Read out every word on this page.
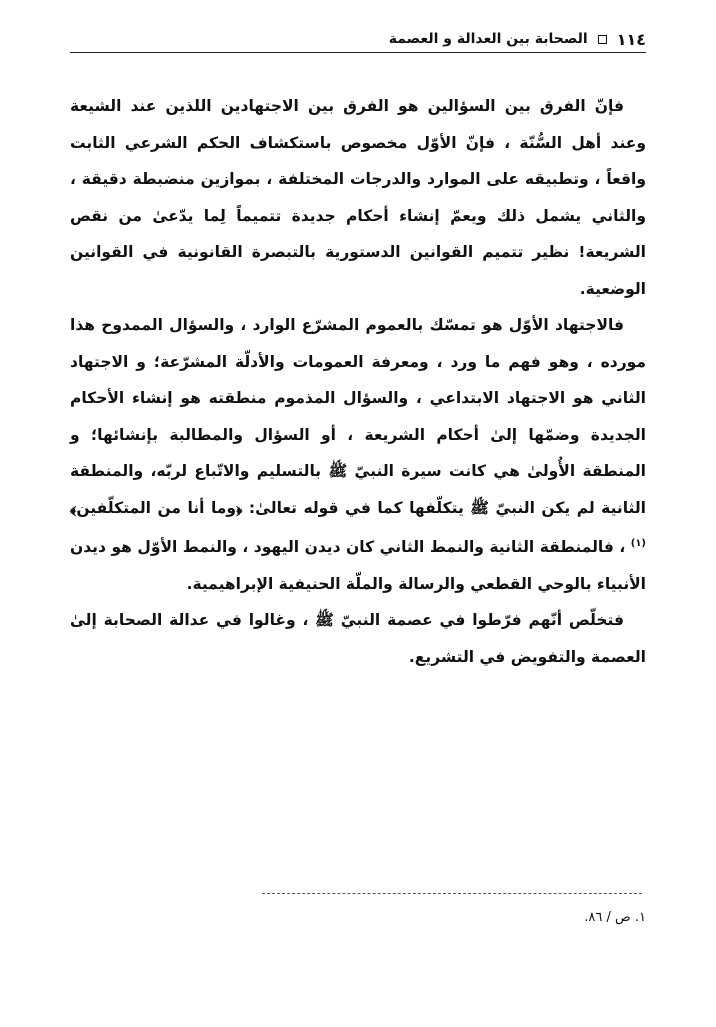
١١٤
الصحابة بين العدالة و العصمة

فإنّ الفرق بين السؤالين هو الفرق بين الاجتهادين اللذين عند الشيعة وعند أهل السُّنّة ، فإنّ الأوّل مخصوص باستكشاف الحكم الشرعي الثابت واقعاً ، وتطبيقه على الموارد والدرجات المختلفة ، بموازين منضبطة دقيقة ، والثاني يشمل ذلك ويعمّ إنشاء أحكام جديدة تتميماً لِما يدّعىٰ من نقص الشريعة! نظير تتميم القوانين الدستورية بالتبصرة القانونية في القوانين الوضعية.

فالاجتهاد الأوّل هو تمسّك بالعموم المشرّع الوارد ، والسؤال الممدوح هذا مورده ، وهو فهم ما ورد ، ومعرفة العمومات والأدلّة المشرّعة؛ و الاجتهاد الثاني هو الاجتهاد الابتداعي ، والسؤال المذموم منطقته هو إنشاء الأحكام الجديدة وضمّها إلىٰ أحكام الشريعة ، أو السؤال والمطالبة بإنشائها؛ و المنطقة الأُولىٰ هي كانت سيرة النبيّ ﷺ بالتسليم والاتّباع لربّه، والمنطقة الثانية لم يكن النبيّ ﷺ يتكلّفها كما في قوله تعالىٰ: ﴿وما أنا من المتكلّفين﴾$^{(١)}$ ، فالمنطقة الثانية والنمط الثاني كان ديدن اليهود ، والنمط الأوّل هو ديدن الأنبياء بالوحي القطعي والرسالة والملّة الحنيفية الإبراهيمية.

فتخلّص أنّهم فرّطوا في عصمة النبيّ ﷺ ، وغالوا في عدالة الصحابة إلىٰ العصمة والتفويض في التشريع.

١. ص / ٨٦.
